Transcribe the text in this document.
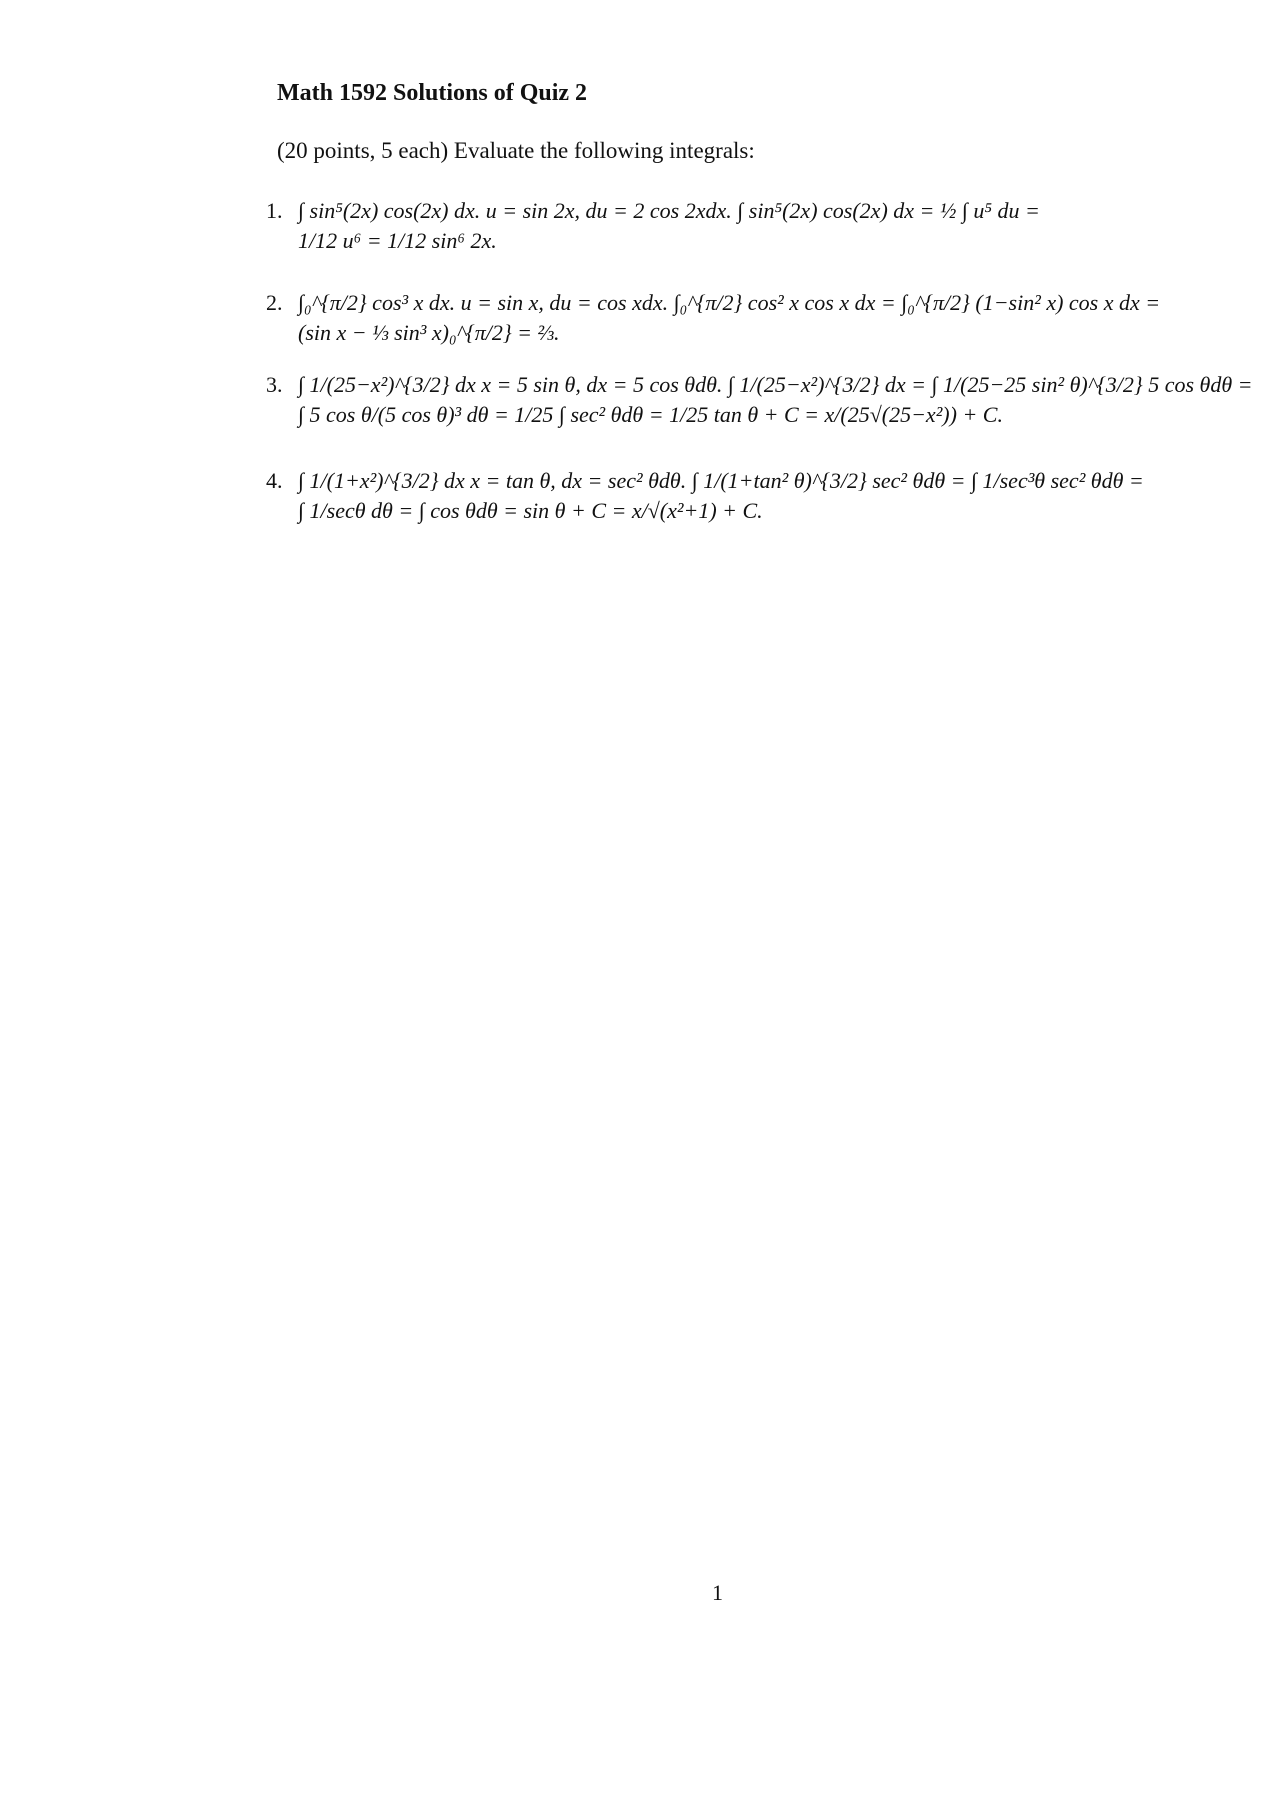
Math 1592 Solutions of Quiz 2
(20 points, 5 each) Evaluate the following integrals:
1. ∫ sin⁵(2x) cos(2x) dx. u = sin 2x, du = 2 cos 2xdx. ∫ sin⁵(2x) cos(2x) dx = ½ ∫ u⁵ du =
1/12 u⁶ = 1/12 sin⁶ 2x.
2. ∫₀^{π/2} cos³ x dx. u = sin x, du = cos xdx. ∫₀^{π/2} cos² x cos x dx = ∫₀^{π/2} (1−sin² x) cos x dx =
(sin x − ⅓ sin³ x)₀^{π/2} = ⅔.
3. ∫ 1/(25−x²)^{3/2} dx x = 5 sin θ, dx = 5 cos θdθ. ∫ 1/(25−x²)^{3/2} dx = ∫ 1/(25−25 sin² θ)^{3/2} 5 cos θdθ =
∫ 5 cos θ/(5 cos θ)³ dθ = 1/25 ∫ sec² θdθ = 1/25 tan θ + C = x/(25√(25−x²)) + C.
4. ∫ 1/(1+x²)^{3/2} dx x = tan θ, dx = sec² θdθ. ∫ 1/(1+tan² θ)^{3/2} sec² θdθ = ∫ 1/sec³θ sec² θdθ =
∫ 1/secθ dθ = ∫ cos θdθ = sin θ + C = x/√(x²+1) + C.
1
